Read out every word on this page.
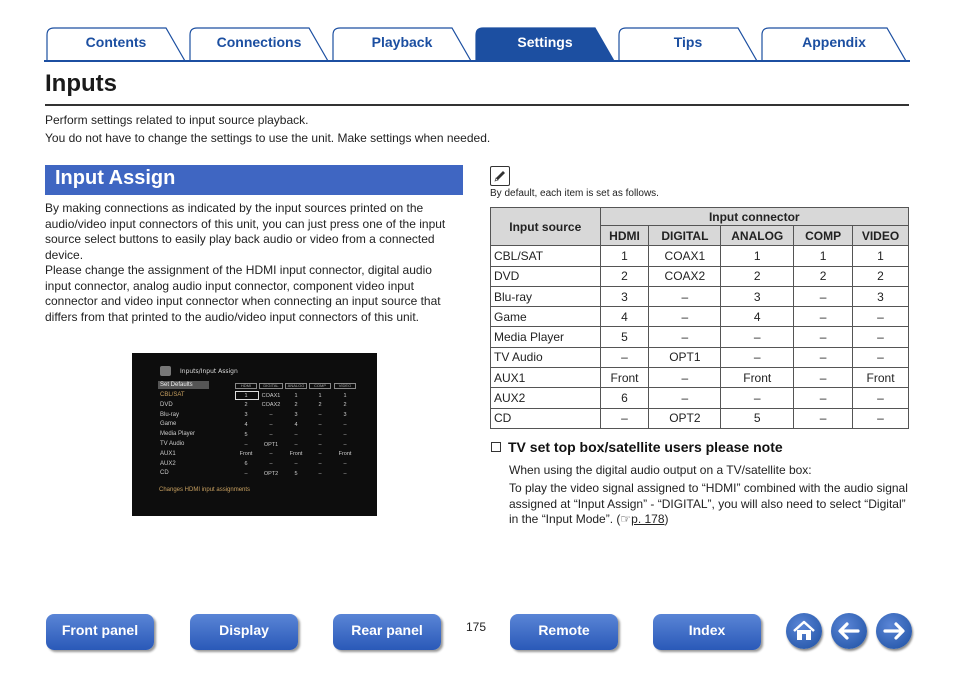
Contents	Connections	Playback	Settings	Tips	Appendix
Inputs
Perform settings related to input source playback.
You do not have to change the settings to use the unit. Make settings when needed.
Input Assign
By making connections as indicated by the input sources printed on the audio/video input connectors of this unit, you can just press one of the input source select buttons to easily play back audio or video from a connected device.
Please change the assignment of the HDMI input connector, digital audio input connector, analog audio input connector, component video input connector and video input connector when connecting an input source that differs from that printed to the audio/video input connectors of this unit.
Inputs/Input Assign
Set Defaults	HDMI	DIGITAL	ANALOG	COMP	VIDEO
CBL/SAT	1	COAX1	1	1	1
DVD	2	COAX2	2	2	2
Blu-ray	3	–	3	–	3
Game	4	–	4	–	–
Media Player	5	–	–	–	–
TV Audio	–	OPT1	–	–	–
AUX1	Front	–	Front	–	Front
AUX2	6	–	–	–	–
CD	–	OPT2	5	–	–
Changes HDMI input assignments
By default, each item is set as follows.
Input source	Input connector				
	HDMI	DIGITAL	ANALOG	COMP	VIDEO
CBL/SAT	1	COAX1	1	1	1
DVD	2	COAX2	2	2	2
Blu-ray	3	–	3	–	3
Game	4	–	4	–	–
Media Player	5	–	–	–	–
TV Audio	–	OPT1	–	–	–
AUX1	Front	–	Front	–	Front
AUX2	6	–	–	–	–
CD	–	OPT2	5	–	–
TV set top box/satellite users please note
When using the digital audio output on a TV/satellite box:
To play the video signal assigned to “HDMI” combined with the audio signal assigned at “Input Assign” - “DIGITAL”, you will also need to select “Digital” in the “Input Mode”. (☞p. 178)
Front panel	Display	Rear panel	175	Remote	Index
